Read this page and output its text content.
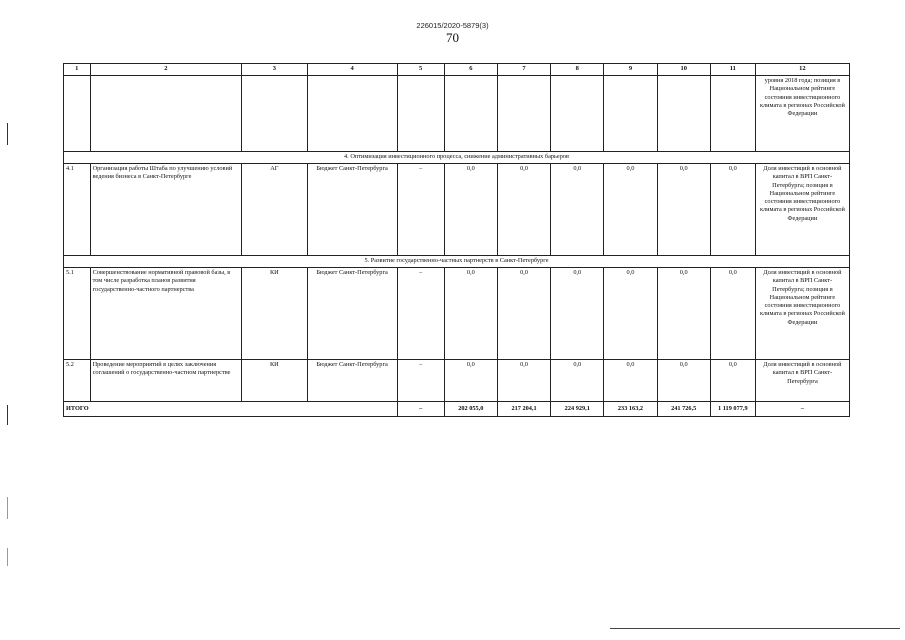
226015/2020-5879(3)
70
1	2	3	4	5	6	7	8	9	10	11	12
											уровня 2018 года; позиция в Национальном рейтинге состояния инвестиционного климата в регионах Российской Федерации
4. Оптимизация инвестиционного процесса, снижение административных барьеров											
4.1	Организация работы Штаба по улучшению условий ведения бизнеса в Санкт-Петербурге	АГ	Бюджет Санкт-Петербурга	–	0,0	0,0	0,0	0,0	0,0	0,0	Доля инвестиций в основной капитал в ВРП Санкт-Петербурга; позиция в Национальном рейтинге состояния инвестиционного климата в регионах Российской Федерации
5. Развитие государственно-частных партнерств в Санкт-Петербурге											
5.1	Совершенствование нормативной правовой базы, в том числе разработка планов развития государственно-частного партнерства	КИ	Бюджет Санкт-Петербурга	–	0,0	0,0	0,0	0,0	0,0	0,0	Доля инвестиций в основной капитал в ВРП Санкт-Петербурга; позиция в Национальном рейтинге состояния инвестиционного климата в регионах Российской Федерации
5.2	Проведение мероприятий в целях заключения соглашений о государственно-частном партнерстве	КИ	Бюджет Санкт-Петербурга	–	0,0	0,0	0,0	0,0	0,0	0,0	Доля инвестиций в основной капитал в ВРП Санкт-Петербурга
ИТОГО				–	202 055,0	217 204,1	224 929,1	233 163,2	241 726,5	1 119 077,9	–
